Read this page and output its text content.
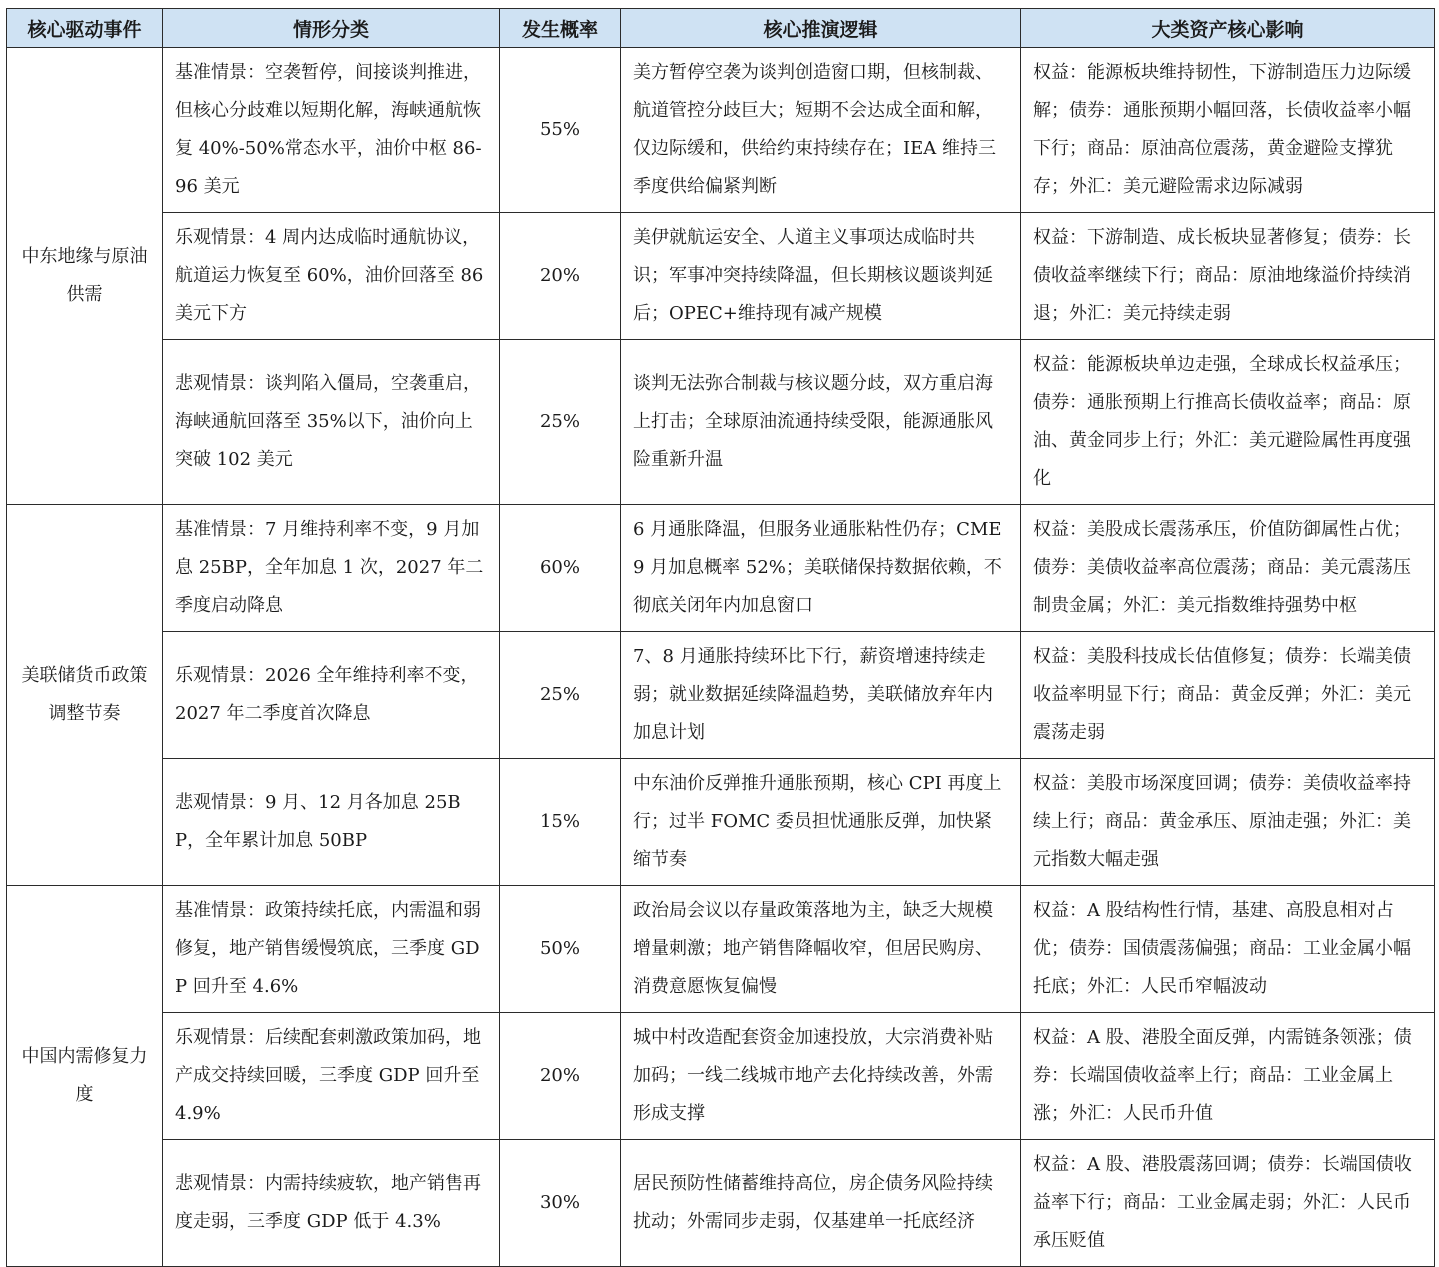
核心驱动事件	情形分类	发生概率	核心推演逻辑	大类资产核心影响
中东地缘与原油供需	基准情景：空袭暂停，间接谈判推进，但核心分歧难以短期化解，海峡通航恢复 40%-50%常态水平，油价中枢 86-96 美元	55%	美方暂停空袭为谈判创造窗口期，但核制裁、航道管控分歧巨大；短期不会达成全面和解，仅边际缓和，供给约束持续存在；IEA 维持三季度供给偏紧判断	权益：能源板块维持韧性，下游制造压力边际缓解；债券：通胀预期小幅回落，长债收益率小幅下行；商品：原油高位震荡，黄金避险支撑犹存；外汇：美元避险需求边际减弱
	乐观情景：4 周内达成临时通航协议，航道运力恢复至 60%，油价回落至 86 美元下方	20%	美伊就航运安全、人道主义事项达成临时共识；军事冲突持续降温，但长期核议题谈判延后；OPEC+维持现有减产规模	权益：下游制造、成长板块显著修复；债券：长债收益率继续下行；商品：原油地缘溢价持续消退；外汇：美元持续走弱
	悲观情景：谈判陷入僵局，空袭重启，海峡通航回落至 35%以下，油价向上突破 102 美元	25%	谈判无法弥合制裁与核议题分歧，双方重启海上打击；全球原油流通持续受限，能源通胀风险重新升温	权益：能源板块单边走强，全球成长权益承压；债券：通胀预期上行推高长债收益率；商品：原油、黄金同步上行；外汇：美元避险属性再度强化
美联储货币政策调整节奏	基准情景：7 月维持利率不变，9 月加息 25BP，全年加息 1 次，2027 年二季度启动降息	60%	6 月通胀降温，但服务业通胀粘性仍存；CME9 月加息概率 52%；美联储保持数据依赖，不彻底关闭年内加息窗口	权益：美股成长震荡承压，价值防御属性占优；债券：美债收益率高位震荡；商品：美元震荡压制贵金属；外汇：美元指数维持强势中枢
	乐观情景：2026 全年维持利率不变，2027 年二季度首次降息	25%	7、8 月通胀持续环比下行，薪资增速持续走弱；就业数据延续降温趋势，美联储放弃年内加息计划	权益：美股科技成长估值修复；债券：长端美债收益率明显下行；商品：黄金反弹；外汇：美元震荡走弱
	悲观情景：9 月、12 月各加息 25BP，全年累计加息 50BP	15%	中东油价反弹推升通胀预期，核心 CPI 再度上行；过半 FOMC 委员担忧通胀反弹，加快紧缩节奏	权益：美股市场深度回调；债券：美债收益率持续上行；商品：黄金承压、原油走强；外汇：美元指数大幅走强
中国内需修复力度	基准情景：政策持续托底，内需温和弱修复，地产销售缓慢筑底，三季度 GDP 回升至 4.6%	50%	政治局会议以存量政策落地为主，缺乏大规模增量刺激；地产销售降幅收窄，但居民购房、消费意愿恢复偏慢	权益：A 股结构性行情，基建、高股息相对占优；债券：国债震荡偏强；商品：工业金属小幅托底；外汇：人民币窄幅波动
	乐观情景：后续配套刺激政策加码，地产成交持续回暖，三季度 GDP 回升至 4.9%	20%	城中村改造配套资金加速投放，大宗消费补贴加码；一线二线城市地产去化持续改善，外需形成支撑	权益：A 股、港股全面反弹，内需链条领涨；债券：长端国债收益率上行；商品：工业金属上涨；外汇：人民币升值
	悲观情景：内需持续疲软，地产销售再度走弱，三季度 GDP 低于 4.3%	30%	居民预防性储蓄维持高位，房企债务风险持续扰动；外需同步走弱，仅基建单一托底经济	权益：A 股、港股震荡回调；债券：长端国债收益率下行；商品：工业金属走弱；外汇：人民币承压贬值
